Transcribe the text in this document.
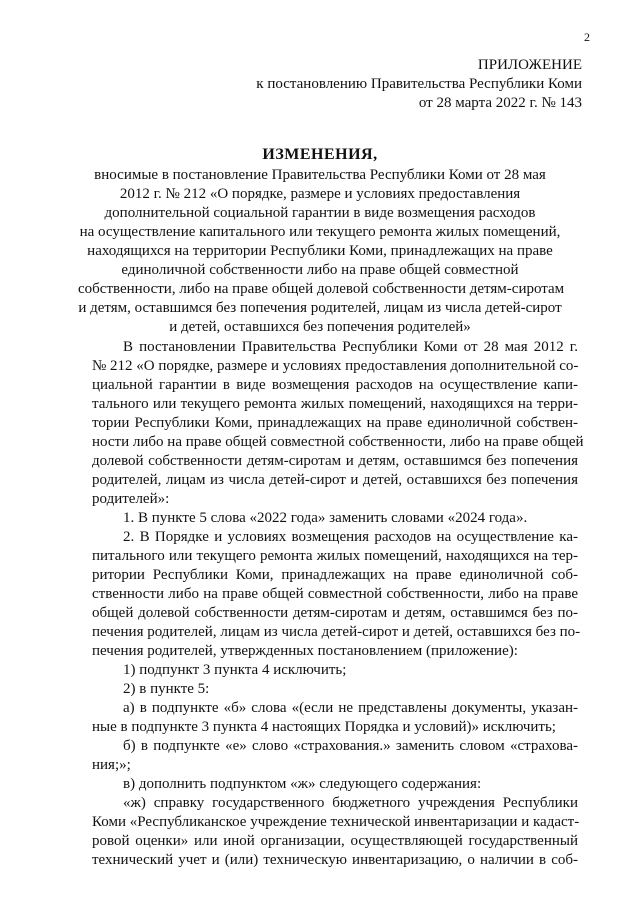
2
ПРИЛОЖЕНИЕ
к постановлению Правительства Республики Коми
от 28 марта 2022 г. № 143
ИЗМЕНЕНИЯ,
вносимые в постановление Правительства Республики Коми от 28 мая
2012 г. № 212 «О порядке, размере и условиях предоставления
дополнительной социальной гарантии в виде возмещения расходов
на осуществление капитального или текущего ремонта жилых помещений,
находящихся на территории Республики Коми, принадлежащих на праве
единоличной собственности либо на праве общей совместной
собственности, либо на праве общей долевой собственности детям-сиротам
и детям, оставшимся без попечения родителей, лицам из числа детей-сирот
и детей, оставшихся без попечения родителей»
В постановлении Правительства Республики Коми от 28 мая 2012 г.
№ 212 «О порядке, размере и условиях предоставления дополнительной со-
циальной гарантии в виде возмещения расходов на осуществление капи-
тального или текущего ремонта жилых помещений, находящихся на терри-
тории Республики Коми, принадлежащих на праве единоличной собствен-
ности либо на праве общей совместной собственности, либо на праве общей
долевой собственности детям-сиротам и детям, оставшимся без попечения
родителей, лицам из числа детей-сирот и детей, оставшихся без попечения
родителей»:
1. В пункте 5 слова «2022 года» заменить словами «2024 года».
2. В Порядке и условиях возмещения расходов на осуществление ка-
питального или текущего ремонта жилых помещений, находящихся на тер-
ритории Республики Коми, принадлежащих на праве единоличной соб-
ственности либо на праве общей совместной собственности, либо на праве
общей долевой собственности детям-сиротам и детям, оставшимся без по-
печения родителей, лицам из числа детей-сирот и детей, оставшихся без по-
печения родителей, утвержденных постановлением (приложение):
1) подпункт 3 пункта 4 исключить;
2) в пункте 5:
а) в подпункте «б» слова «(если не представлены документы, указан-
ные в подпункте 3 пункта 4 настоящих Порядка и условий)» исключить;
б) в подпункте «е» слово «страхования.» заменить словом «страхова-
ния;»;
в) дополнить подпунктом «ж» следующего содержания:
«ж) справку государственного бюджетного учреждения Республики
Коми «Республиканское учреждение технической инвентаризации и кадаст-
ровой оценки» или иной организации, осуществляющей государственный
технический учет и (или) техническую инвентаризацию, о наличии в соб-
